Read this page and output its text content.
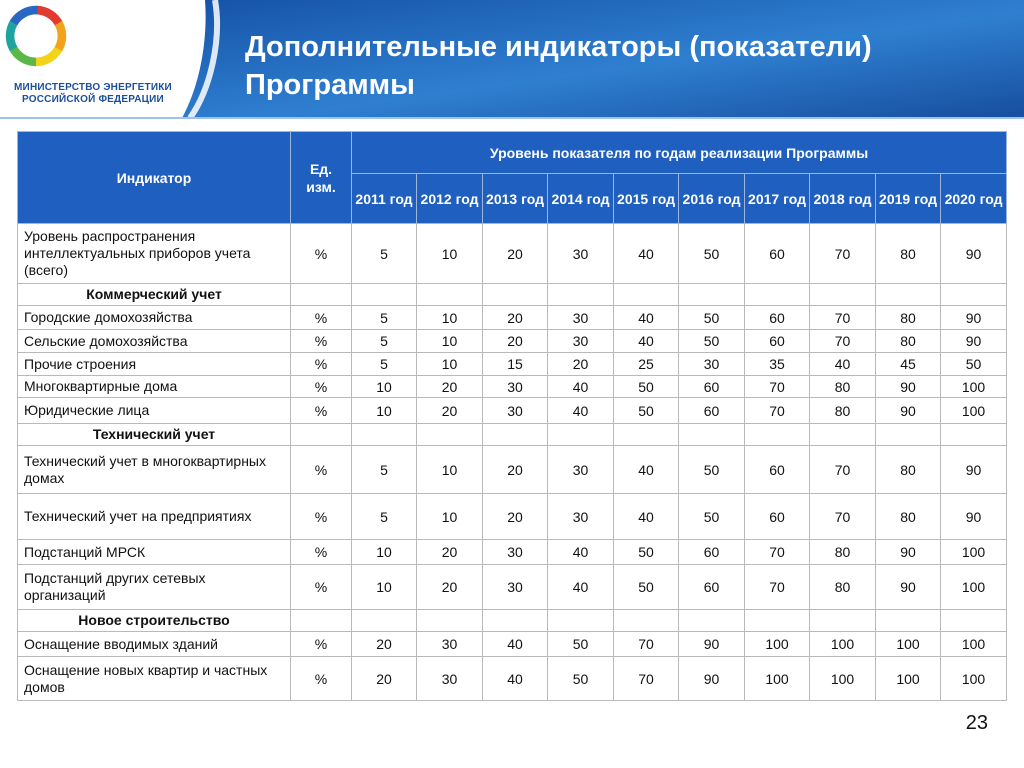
МИНИСТЕРСТВО ЭНЕРГЕТИКИ
РОССИЙСКОЙ ФЕДЕРАЦИИ
Дополнительные индикаторы (показатели)
Программы
Индикатор	Ед. изм.	Уровень показателя по годам реализации Программы									
		2011 год	2012 год	2013 год	2014 год	2015 год	2016 год	2017 год	2018 год	2019 год	2020 год
Уровень распространения интеллектуальных приборов учета (всего)	%	5	10	20	30	40	50	60	70	80	90
Коммерческий учет											
Городские домохозяйства	%	5	10	20	30	40	50	60	70	80	90
Сельские домохозяйства	%	5	10	20	30	40	50	60	70	80	90
Прочие строения	%	5	10	15	20	25	30	35	40	45	50
Многоквартирные дома	%	10	20	30	40	50	60	70	80	90	100
Юридические лица	%	10	20	30	40	50	60	70	80	90	100
Технический учет											
Технический учет в многоквартирных домах	%	5	10	20	30	40	50	60	70	80	90
Технический учет на предприятиях	%	5	10	20	30	40	50	60	70	80	90
Подстанций МРСК	%	10	20	30	40	50	60	70	80	90	100
Подстанций других сетевых организаций	%	10	20	30	40	50	60	70	80	90	100
Новое строительство											
Оснащение вводимых зданий	%	20	30	40	50	70	90	100	100	100	100
Оснащение новых квартир и частных домов	%	20	30	40	50	70	90	100	100	100	100
23
